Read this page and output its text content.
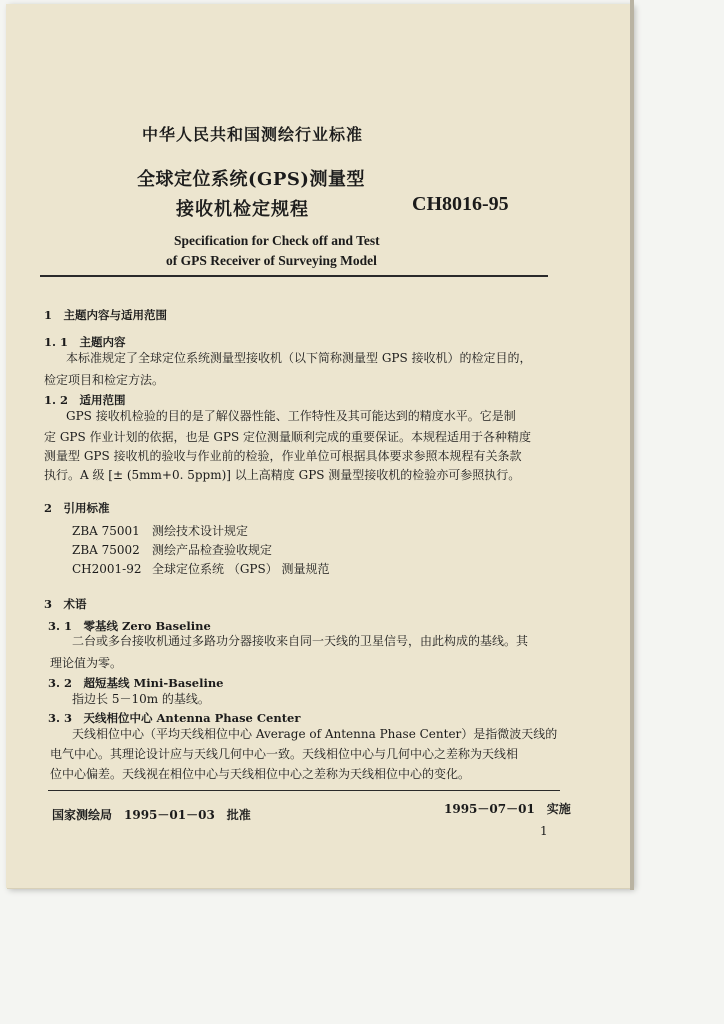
中华人民共和国测绘行业标准
全球定位系统(GPS)测量型
接收机检定规程	CH8016-95
Specification for Check off and Test
of GPS Receiver of Surveying Model
1　主题内容与适用范围
1. 1　主题内容
本标准规定了全球定位系统测量型接收机（以下简称测量型 GPS 接收机）的检定目的，
检定项目和检定方法。
1. 2　适用范围
GPS 接收机检验的目的是了解仪器性能、工作特性及其可能达到的精度水平。它是制
定 GPS 作业计划的依据，也是 GPS 定位测量顺利完成的重要保证。本规程适用于各种精度
测量型 GPS 接收机的验收与作业前的检验，作业单位可根据具体要求参照本规程有关条款
执行。A 级 [± (5mm+0. 5ppm)] 以上高精度 GPS 测量型接收机的检验亦可参照执行。
2　引用标准
ZBA 75001 测绘技术设计规定
ZBA 75002 测绘产品检查验收规定
CH2001-92 全球定位系统 （GPS） 测量规范
3　术语
3. 1　零基线 Zero Baseline
二台或多台接收机通过多路功分器接收来自同一天线的卫星信号，由此构成的基线。其
理论值为零。
3. 2　超短基线 Mini-Baseline
指边长 5－10m 的基线。
3. 3　天线相位中心 Antenna Phase Center
天线相位中心（平均天线相位中心 Average of Antenna Phase Center）是指微波天线的
电气中心。其理论设计应与天线几何中心一致。天线相位中心与几何中心之差称为天线相
位中心偏差。天线视在相位中心与天线相位中心之差称为天线相位中心的变化。
国家测绘局　1995－01－03　批准	1995－07－01　实施
1
